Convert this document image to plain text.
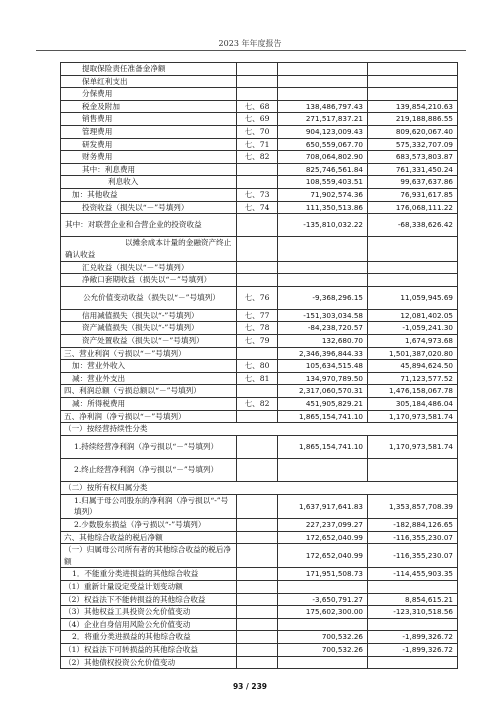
2023 年年度报告
提取保险责任准备金净额			
保单红利支出			
分保费用			
税金及附加	七、68	138,486,797.43	139,854,210.63
销售费用	七、69	271,517,837.21	219,188,886.55
管理费用	七、70	904,123,009.43	809,620,067.40
研发费用	七、71	650,559,067.70	575,332,707.09
财务费用	七、82	708,064,802.90	683,573,803.87
其中：利息费用		825,746,561.84	761,331,450.24
利息收入		108,559,403.51	99,637,637.86
加：其他收益	七、73	71,902,574.36	76,931,617.85
投资收益（损失以“－”号填列）	七、74	111,350,513.86	176,068,111.22
其中：对联营企业和合营企业的投资收益		-135,810,032.22	-68,338,626.42
以摊余成本计量的金融资产终止确认收益			
汇兑收益（损失以“－”号填列）			
净敞口套期收益（损失以“－”号填列）			
公允价值变动收益（损失以“－”号填列）	七、76	-9,368,296.15	11,059,945.69
信用减值损失（损失以“-”号填列）	七、77	-151,303,034.58	12,081,402.05
资产减值损失（损失以“-”号填列）	七、78	-84,238,720.57	-1,059,241.30
资产处置收益（损失以“－”号填列）	七、79	132,680.70	1,674,973.68
三、营业利润（亏损以“－”号填列）		2,346,396,844.33	1,501,387,020.80
加：营业外收入	七、80	105,634,515.48	45,894,624.50
减：营业外支出	七、81	134,970,789.50	71,123,577.52
四、利润总额（亏损总额以“－”号填列）		2,317,060,570.31	1,476,158,067.78
减：所得税费用	七、82	451,905,829.21	305,184,486.04
五、净利润（净亏损以“－”号填列）		1,865,154,741.10	1,170,973,581.74
（一）按经营持续性分类			
1.持续经营净利润（净亏损以“－”号填列）		1,865,154,741.10	1,170,973,581.74
2.终止经营净利润（净亏损以“－”号填列）			
（二）按所有权归属分类			
1.归属于母公司股东的净利润（净亏损以“-”号填列）		1,637,917,641.83	1,353,857,708.39
2.少数股东损益（净亏损以“-”号填列）		227,237,099.27	-182,884,126.65
六、其他综合收益的税后净额		172,652,040.99	-116,355,230.07
（一）归属母公司所有者的其他综合收益的税后净额		172,652,040.99	-116,355,230.07
1．不能重分类进损益的其他综合收益		171,951,508.73	-114,455,903.35
（1）重新计量设定受益计划变动额			
（2）权益法下不能转损益的其他综合收益		-3,650,791.27	8,854,615.21
（3）其他权益工具投资公允价值变动		175,602,300.00	-123,310,518.56
（4）企业自身信用风险公允价值变动			
2．将重分类进损益的其他综合收益		700,532.26	-1,899,326.72
（1）权益法下可转损益的其他综合收益		700,532.26	-1,899,326.72
（2）其他债权投资公允价值变动			
93 / 239
